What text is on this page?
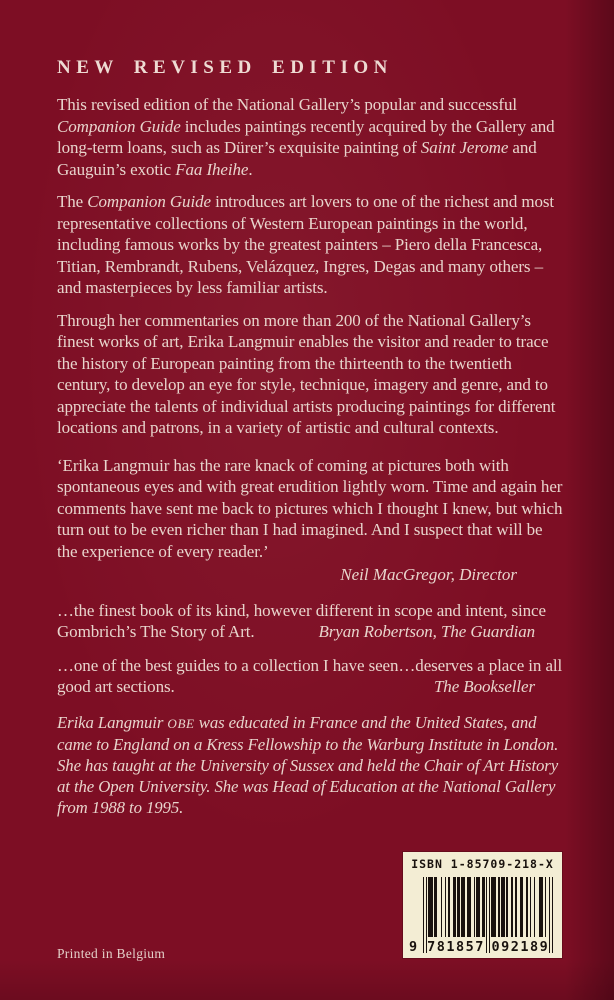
NEW REVISED EDITION

This revised edition of the National Gallery’s popular and successful Companion Guide includes paintings recently acquired by the Gallery and long-term loans, such as Dürer’s exquisite painting of Saint Jerome and Gauguin’s exotic Faa Iheihe.

The Companion Guide introduces art lovers to one of the richest and most representative collections of Western European paintings in the world, including famous works by the greatest painters – Piero della Francesca, Titian, Rembrandt, Rubens, Velázquez, Ingres, Degas and many others – and masterpieces by less familiar artists.

Through her commentaries on more than 200 of the National Gallery’s finest works of art, Erika Langmuir enables the visitor and reader to trace the history of European painting from the thirteenth to the twentieth century, to develop an eye for style, technique, imagery and genre, and to appreciate the talents of individual artists producing paintings for different locations and patrons, in a variety of artistic and cultural contexts.

‘Erika Langmuir has the rare knack of coming at pictures both with spontaneous eyes and with great erudition lightly worn. Time and again her comments have sent me back to pictures which I thought I knew, but which turn out to be even richer than I had imagined. And I suspect that will be the experience of every reader.’

Neil MacGregor, Director

…the finest book of its kind, however different in scope and intent, since Gombrich’s The Story of Art.	Bryan Robertson, The Guardian

…one of the best guides to a collection I have seen…deserves a place in all good art sections.	The Bookseller

Erika Langmuir OBE was educated in France and the United States, and came to England on a Kress Fellowship to the Warburg Institute in London. She has taught at the University of Sussex and held the Chair of Art History at the Open University. She was Head of Education at the National Gallery from 1988 to 1995.

ISBN 1-85709-218-X
9 781857 092189
Printed in Belgium
